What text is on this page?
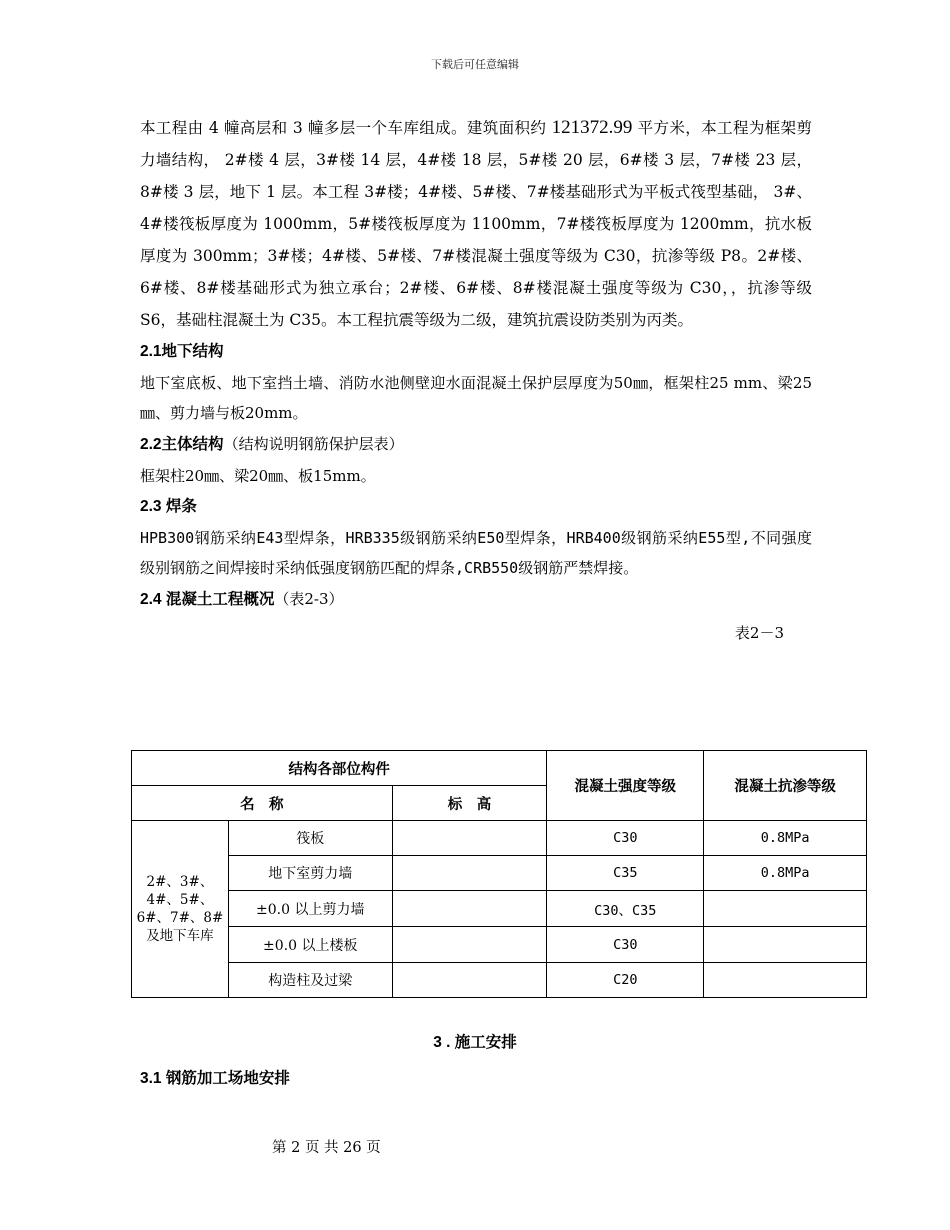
下载后可任意编辑

本工程由 4 幢高层和 3 幢多层一个车库组成。建筑面积约 121372.99 平方米，本工程为框架剪力墙结构， 2#楼 4 层，3#楼 14 层，4#楼 18 层，5#楼 20 层，6#楼 3 层，7#楼 23 层，8#楼 3 层，地下 1 层。本工程 3#楼；4#楼、5#楼、7#楼基础形式为平板式筏型基础， 3#、4#楼筏板厚度为 1000mm，5#楼筏板厚度为 1100mm，7#楼筏板厚度为 1200mm，抗水板厚度为 300mm；3#楼；4#楼、5#楼、7#楼混凝土强度等级为 C30，抗渗等级 P8。2#楼、6#楼、8#楼基础形式为独立承台；2#楼、6#楼、8#楼混凝土强度等级为 C30，，抗渗等级 S6，基础柱混凝土为 C35。本工程抗震等级为二级，建筑抗震设防类别为丙类。

2.1地下结构

地下室底板、地下室挡土墙、消防水池侧壁迎水面混凝土保护层厚度为50㎜，框架柱25 mm、梁25㎜、剪力墙与板20mm。

2.2主体结构（结构说明钢筋保护层表）

框架柱20㎜、梁20㎜、板15mm。

2.3 焊条

HPB300钢筋采纳E43型焊条，HRB335级钢筋采纳E50型焊条，HRB400级钢筋采纳E55型,不同强度级别钢筋之间焊接时采纳低强度钢筋匹配的焊条,CRB550级钢筋严禁焊接。

2.4 混凝土工程概况（表2-3）
表2－3
结构各部位构件			混凝土强度等级	混凝土抗渗等级
名　称		标　高		
2#、3#、4#、5#、6#、7#、8#及地下车库	筏板		C30	0.8MPa
	地下室剪力墙		C35	0.8MPa
	±0.0 以上剪力墙		C30、C35	
	±0.0 以上楼板		C30	
	构造柱及过梁		C20	
3 . 施工安排
3.1 钢筋加工场地安排
第 2 页 共 26 页
